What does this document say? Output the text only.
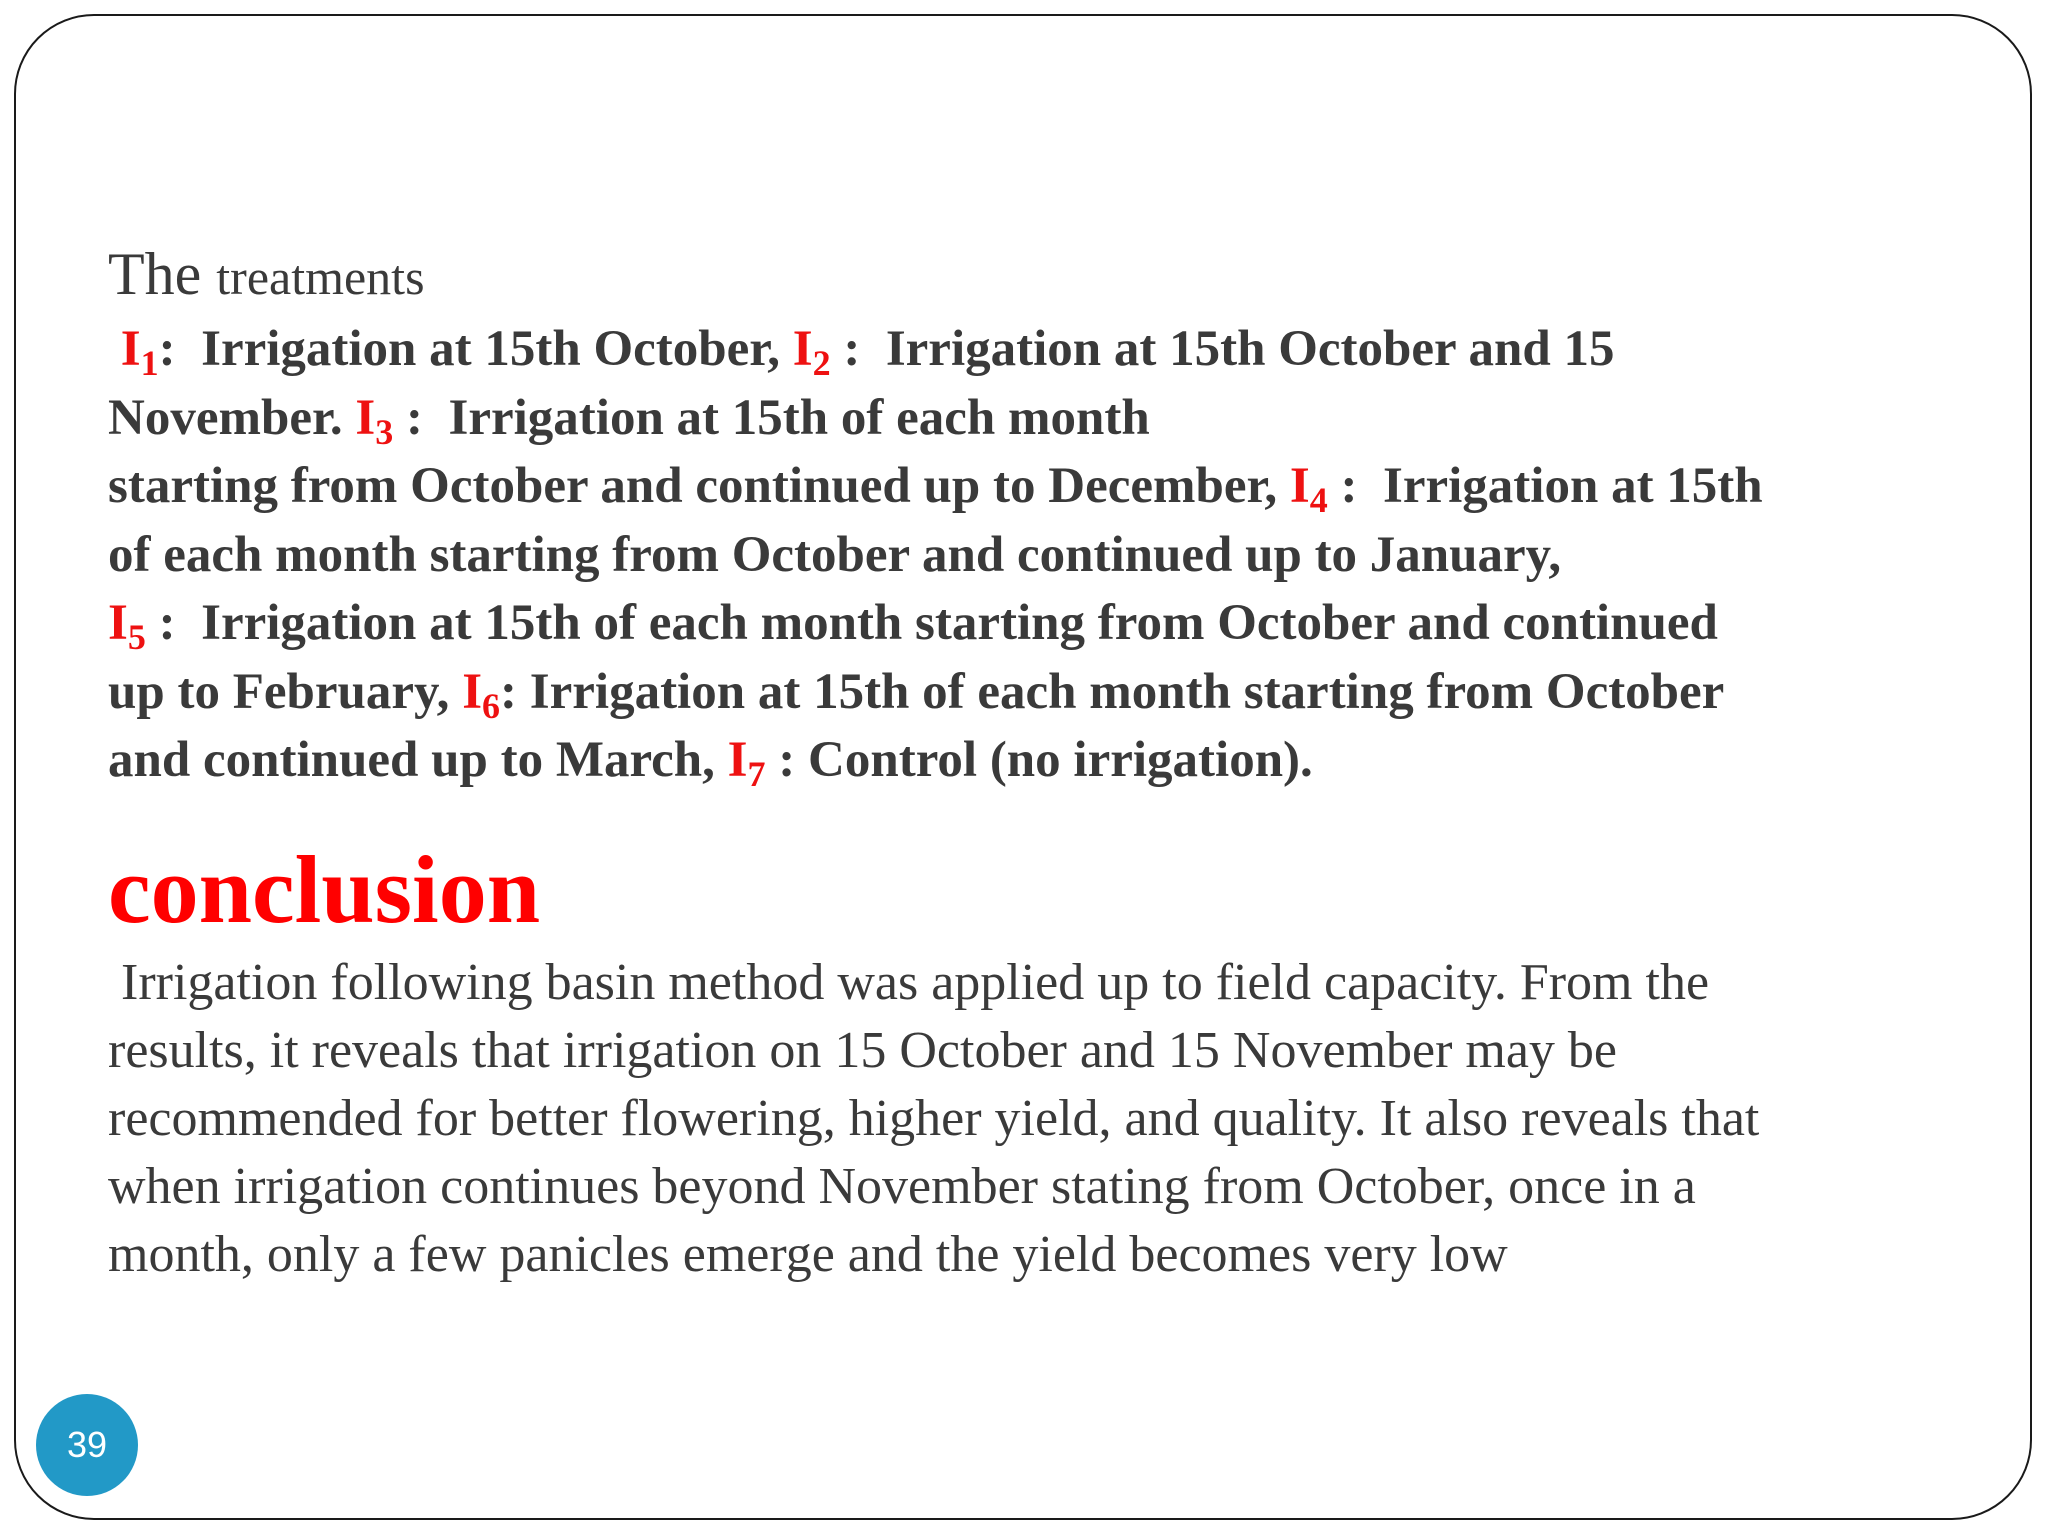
The treatments
$I_1$:  Irrigation at 15th October, $I_2$ :  Irrigation at 15th October and 15
November. $I_3$ :  Irrigation at 15th of each month
starting from October and continued up to December, $I_4$ :  Irrigation at 15th
of each month starting from October and continued up to January,
$I_5$ :  Irrigation at 15th of each month starting from October and continued
up to February, $I_6$: Irrigation at 15th of each month starting from October
and continued up to March, $I_7$ : Control (no irrigation).
conclusion
Irrigation following basin method was applied up to field capacity. From the
results, it reveals that irrigation on 15 October and 15 November may be
recommended for better flowering, higher yield, and quality. It also reveals that
when irrigation continues beyond November stating from October, once in a
month, only a few panicles emerge and the yield becomes very low
39
